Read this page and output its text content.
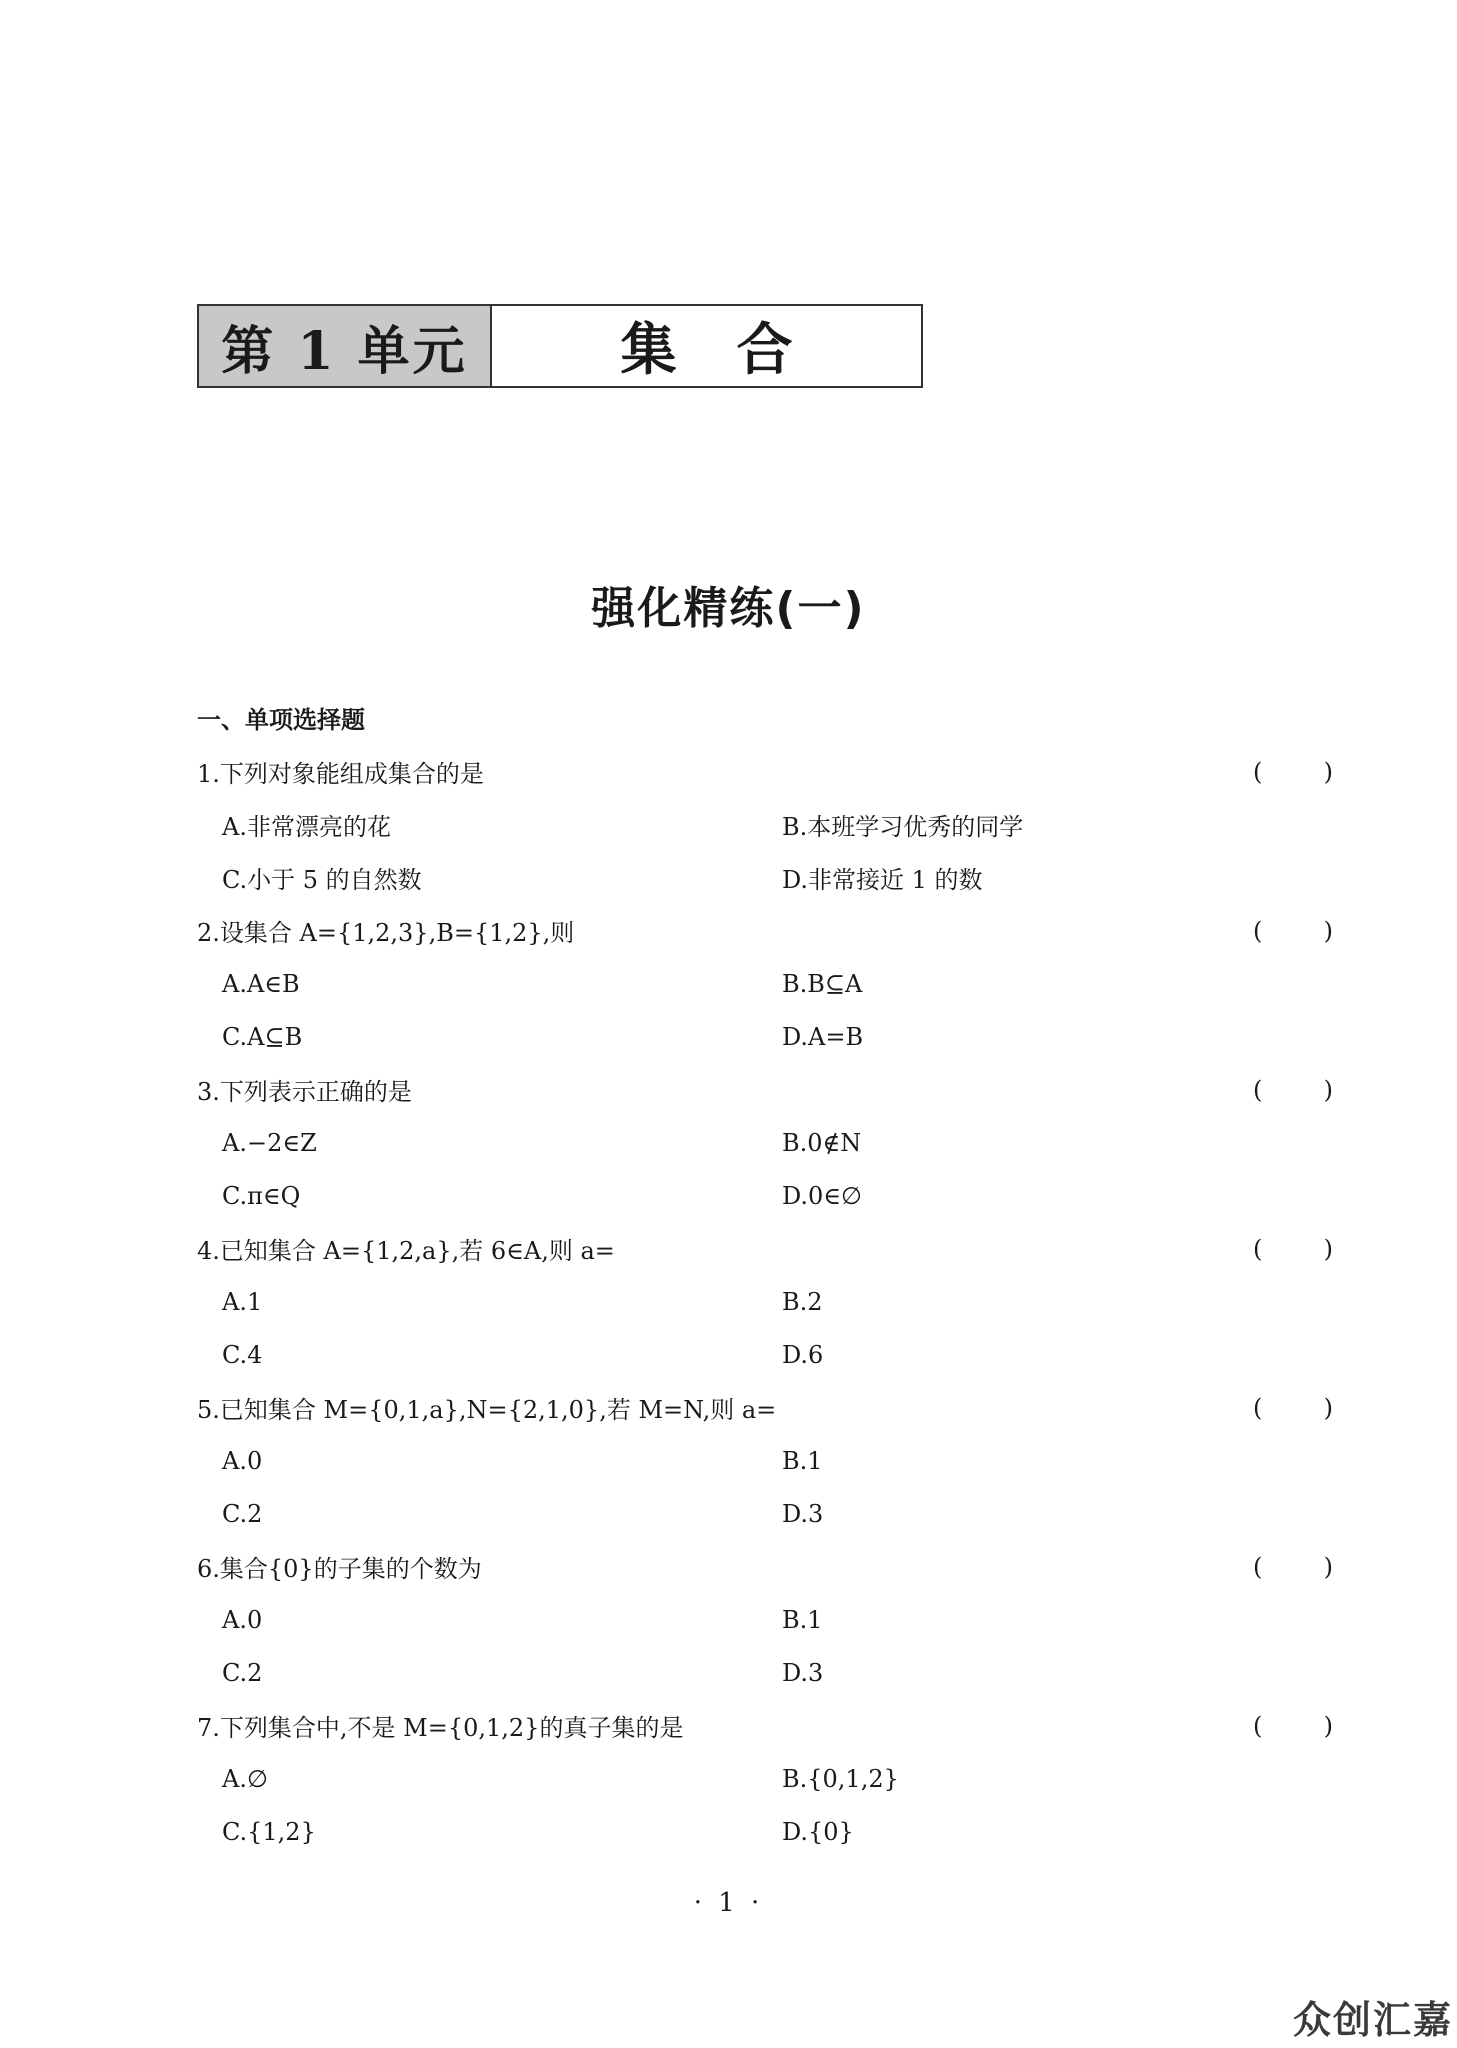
第 1 单元	集合
强化精练(一)
一、单项选择题
1.下列对象能组成集合的是	(	)
A.非常漂亮的花	B.本班学习优秀的同学
C.小于 5 的自然数	D.非常接近 1 的数
2.设集合 A={1,2,3},B={1,2},则	(	)
A.A∈B	B.B⊆A
C.A⊆B	D.A=B
3.下列表示正确的是	(	)
A.−2∈Z	B.0∉N
C.π∈Q	D.0∈∅
4.已知集合 A={1,2,a},若 6∈A,则 a=	(	)
A.1	B.2
C.4	D.6
5.已知集合 M={0,1,a},N={2,1,0},若 M=N,则 a=	(	)
A.0	B.1
C.2	D.3
6.集合{0}的子集的个数为	(	)
A.0	B.1
C.2	D.3
7.下列集合中,不是 M={0,1,2}的真子集的是	(	)
A.∅	B.{0,1,2}
C.{1,2}	D.{0}
· 1 ·
众创汇嘉
